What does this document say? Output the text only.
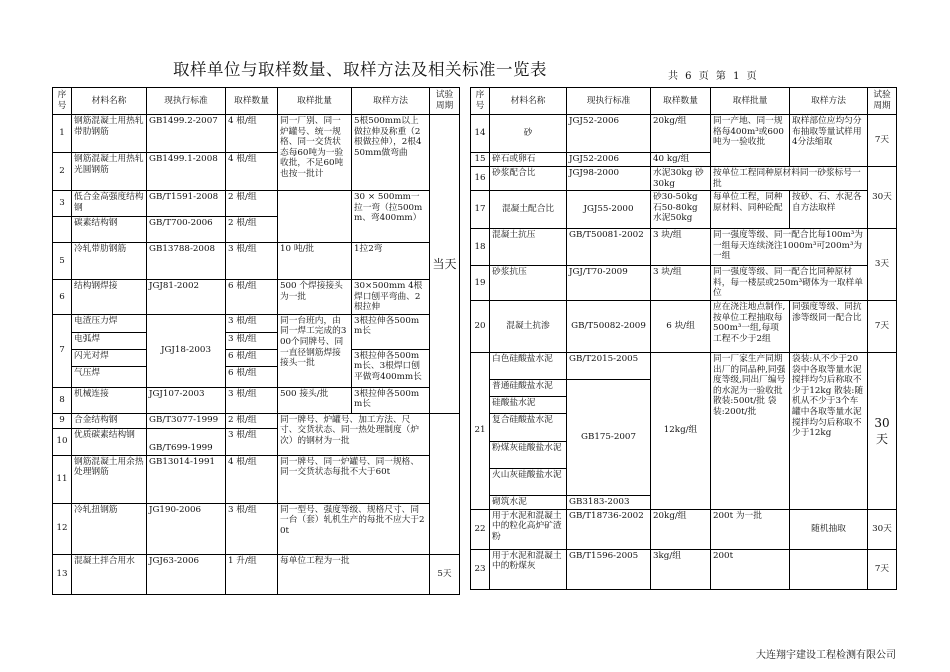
取样单位与取样数量、取样方法及相关标准一览表	共 6 页 第 1 页
序号	材料名称	现执行标准	取样数量	取样批量	取样方法	试验周期
1	钢筋混凝土用热轧带肋钢筋	GB1499.2-2007	4 根/组	同一厂别、同一炉罐号、统一规格、同一交货状态每60吨为一验收批，不足60吨也按一批计	5根500mm以上做拉伸及称重（2根做拉伸），2根450mm做弯曲	当天
2	钢筋混凝土用热轧光圆钢筋	GB1499.1-2008	4 根/组			
3	低合金高强度结构钢	GB/T1591-2008	2 根/组		30 × 500mm一拉一弯（拉500mm、弯400mm）	
	碳素结构钢	GB/T700-2006	2 根/组			
5	冷轧带肋钢筋	GB13788-2008	3 根/组	10 吨/批	1拉2弯	
6	结构钢焊接	JGJ81-2002	6 根/组	500 个焊接接头为一批	30×500mm 4根焊口刨平弯曲、2根拉伸	
7	电渣压力焊	JGJ18-2003	3 根/组	同一台班内，由同一焊工完成的300个同牌号、同一直径钢筋焊接接头一批	3根拉伸各500mm长	
	电弧焊		3 根/组			
	闪光对焊		6 根/组		3根拉伸各500mm长、3根焊口刨平做弯400mm长	
	气压焊		6 根/组			
8	机械连接	JGJ107-2003	3 根/组	500 接头/批	3根拉伸各500mm长	
9	合金结构钢	GB/T3077-1999	2 根/组	同一牌号、炉罐号、加工方法、尺寸、交货状态、同一热处理制度（炉次）的钢材为一批		
10	优质碳素结构钢	GB/T699-1999	3 根/组			
11	钢筋混凝土用余热处理钢筋	GB13014-1991	4 根/组	同一牌号、同一炉罐号、同一规格、同一交货状态每批不大于60t		
12	冷轧扭钢筋	JG190-2006	3 根/组	同一型号、强度等级、规格尺寸、同一台（套）轧机生产的每批不应大于20t		
13	混凝土拌合用水	JGJ63-2006	1 升/组	每单位工程为一批		5天
序号	材料名称	现执行标准	取样数量	取样批量	取样方法	试验周期
14	砂	JGJ52-2006	20kg/组	同一产地、同一规格每400m³或600吨为一验收批	取样部位应均匀分布抽取等量试样用4分法缩取	7天
15	碎石或卵石	JGJ52-2006	40 kg/组			
16	砂浆配合比	JGJ98-2000	水泥30kg 砂30kg	按单位工程同种原材料同一砂浆标号一批		30天
17	混凝土配合比	JGJ55-2000	砂30-50kg 石50-80kg 水泥50kg	每单位工程，同种原材料、同种砼配	按砂、石、水泥各自方法取样	
18	混凝土抗压	GB/T50081-2002	3 块/组	同一强度等级、同一配合比每100m³为一组每天连续浇注1000m³可200m³为一组		3天
19	砂浆抗压	JGJ/T70-2009	3 块/组	同一强度等级、同一配合比同种原材料，每一楼层或250m³砌体为一取样单位		
20	混凝土抗渗	GB/T50082-2009	6 块/组	应在浇注地点制作,按单位工程抽取每500m³一组,每项工程不少于2组	同强度等级、同抗渗等级同一配合比	7天
21	白色硅酸盐水泥	GB/T2015-2005	12kg/组	同一厂家生产同期出厂的同品种,同强度等级,同出厂编号的水泥为一验收批 散装:500t/批 袋装:200t/批	袋装:从不少于20袋中各取等量水泥搅拌均匀后称取不少于12kg 散装:随机从不少于3个车罐中各取等量水泥搅拌均匀后称取不少于12kg	30天
	普通硅酸盐水泥	GB175-2007				
	硅酸盐水泥					
	复合硅酸盐水泥					
	粉煤灰硅酸盐水泥					
	火山灰硅酸盐水泥					
	砌筑水泥	GB3183-2003				
22	用于水泥和混凝土中的粒化高炉矿渣粉	GB/T18736-2002	20kg/组	200t 为一批	随机抽取	30天
23	用于水泥和混凝土中的粉煤灰	GB/T1596-2005	3kg/组	200t		7天
大连翔宇建设工程检测有限公司
